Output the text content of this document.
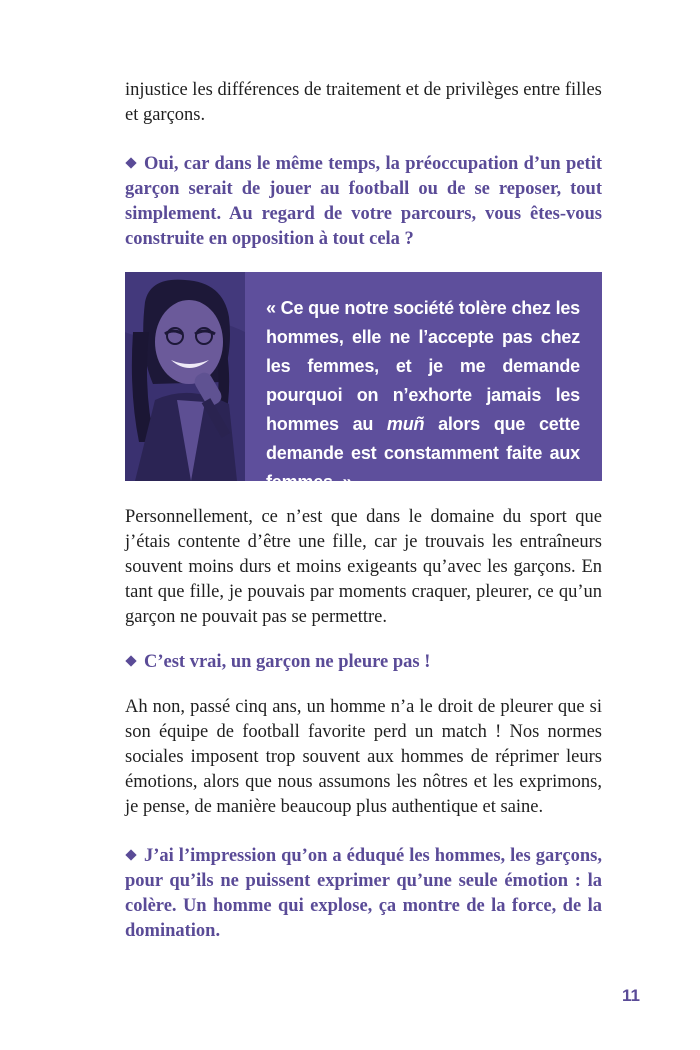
injustice les différences de traitement et de privilèges entre filles et garçons.

Oui, car dans le même temps, la préoccupation d’un petit garçon serait de jouer au football ou de se reposer, tout simplement. Au regard de votre parcours, vous êtes-vous construite en opposition à tout cela ?

« Ce que notre société tolère chez les hommes, elle ne l’accepte pas chez les femmes, et je me demande pourquoi on n’exhorte jamais les hommes au muñ alors que cette demande est constamment faite aux femmes. »

Personnellement, ce n’est que dans le domaine du sport que j’étais contente d’être une fille, car je trouvais les entraîneurs souvent moins durs et moins exigeants qu’avec les garçons. En tant que fille, je pouvais par moments craquer, pleurer, ce qu’un garçon ne pouvait pas se permettre.

C’est vrai, un garçon ne pleure pas !

Ah non, passé cinq ans, un homme n’a le droit de pleurer que si son équipe de football favorite perd un match ! Nos normes sociales imposent trop souvent aux hommes de réprimer leurs émotions, alors que nous assumons les nôtres et les exprimons, je pense, de manière beaucoup plus authentique et saine.

J’ai l’impression qu’on a éduqué les hommes, les garçons, pour qu’ils ne puissent exprimer qu’une seule émotion : la colère. Un homme qui explose, ça montre de la force, de la domination.

11
